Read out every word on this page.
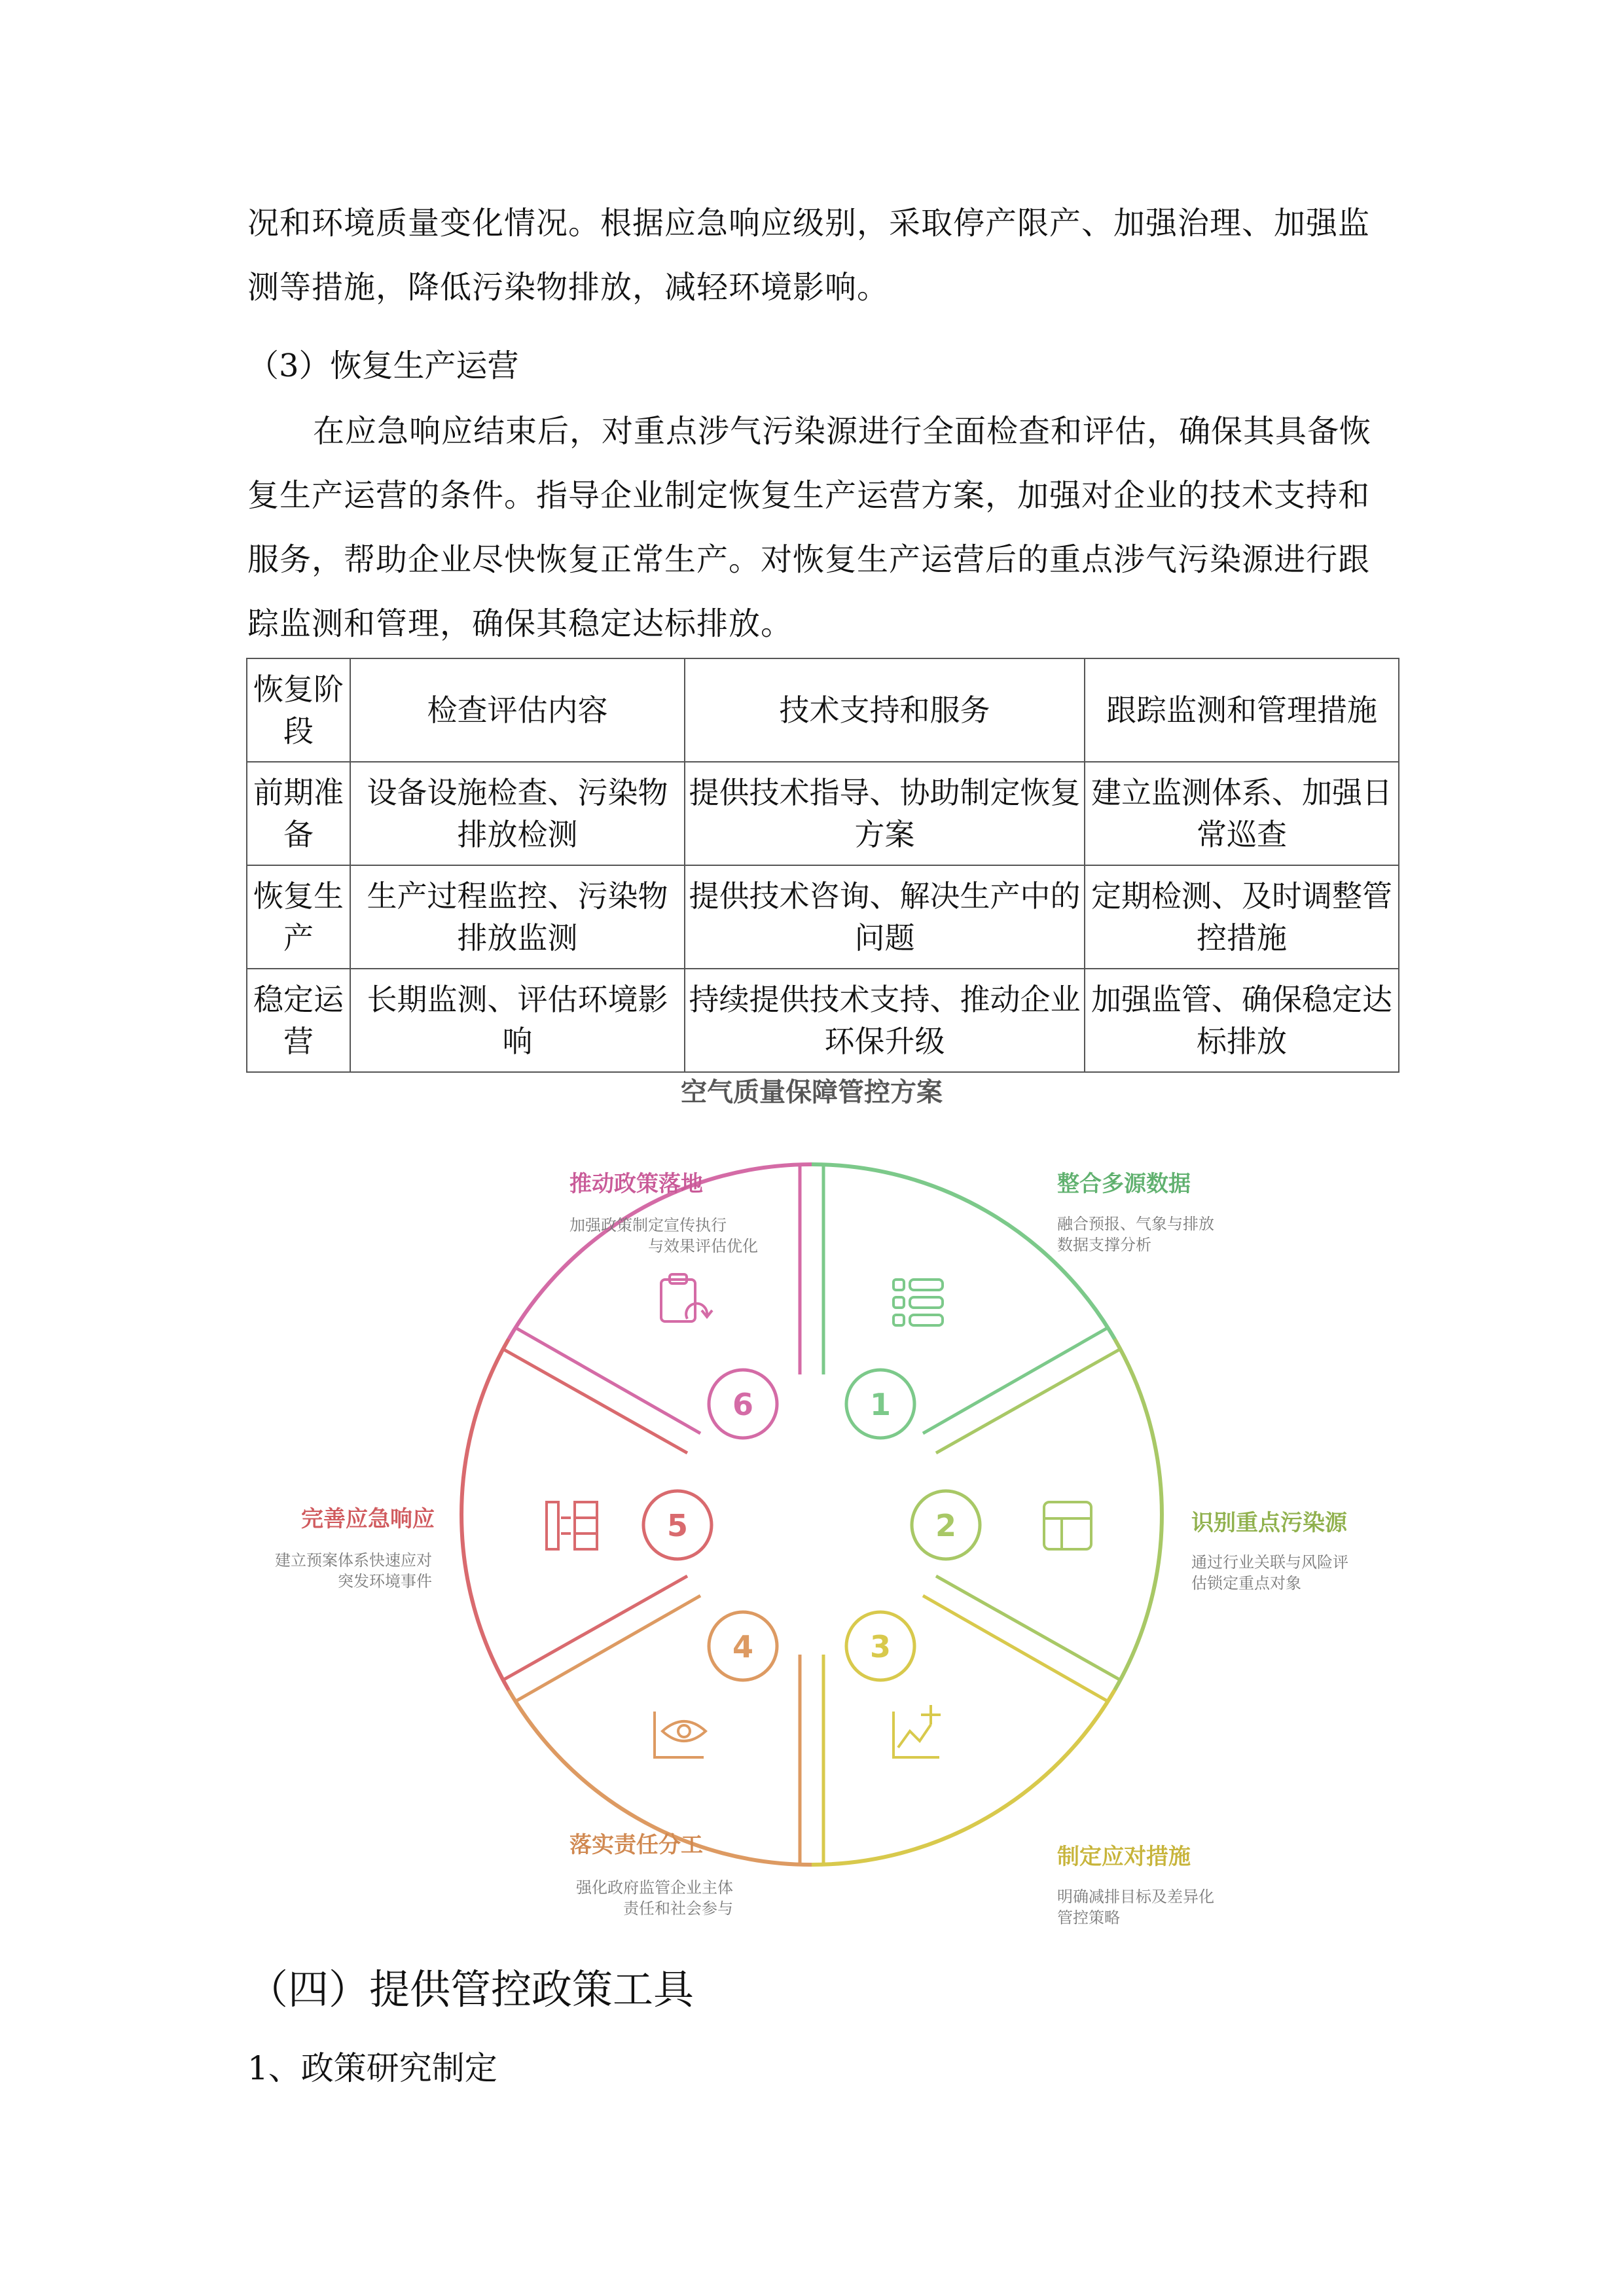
况和环境质量变化情况。根据应急响应级别，采取停产限产、加强治理、加强监测等措施，降低污染物排放，减轻环境影响。

（3）恢复生产运营

在应急响应结束后，对重点涉气污染源进行全面检查和评估，确保其具备恢复生产运营的条件。指导企业制定恢复生产运营方案，加强对企业的技术支持和服务，帮助企业尽快恢复正常生产。对恢复生产运营后的重点涉气污染源进行跟踪监测和管理，确保其稳定达标排放。

恢复阶段	检查评估内容	技术支持和服务	跟踪监测和管理措施
前期准备	设备设施检查、污染物排放检测	提供技术指导、协助制定恢复方案	建立监测体系、加强日常巡查
恢复生产	生产过程监控、污染物排放监测	提供技术咨询、解决生产中的问题	定期检测、及时调整管控措施
稳定运营	长期监测、评估环境影响	持续提供技术支持、推动企业环保升级	加强监管、确保稳定达标排放
空气质量保障管控方案
6	1
2
3
4
5
整合多源数据
融合预报、气象与排放
数据支撑分析
识别重点污染源
通过行业关联与风险评
估锁定重点对象
制定应对措施
明确减排目标及差异化
管控策略
落实责任分工
强化政府监管企业主体
责任和社会参与
完善应急响应
建立预案体系快速应对
突发环境事件
推动政策落地
加强政策制定宣传执行
与效果评估优化

（四）提供管控政策工具

1、政策研究制定
